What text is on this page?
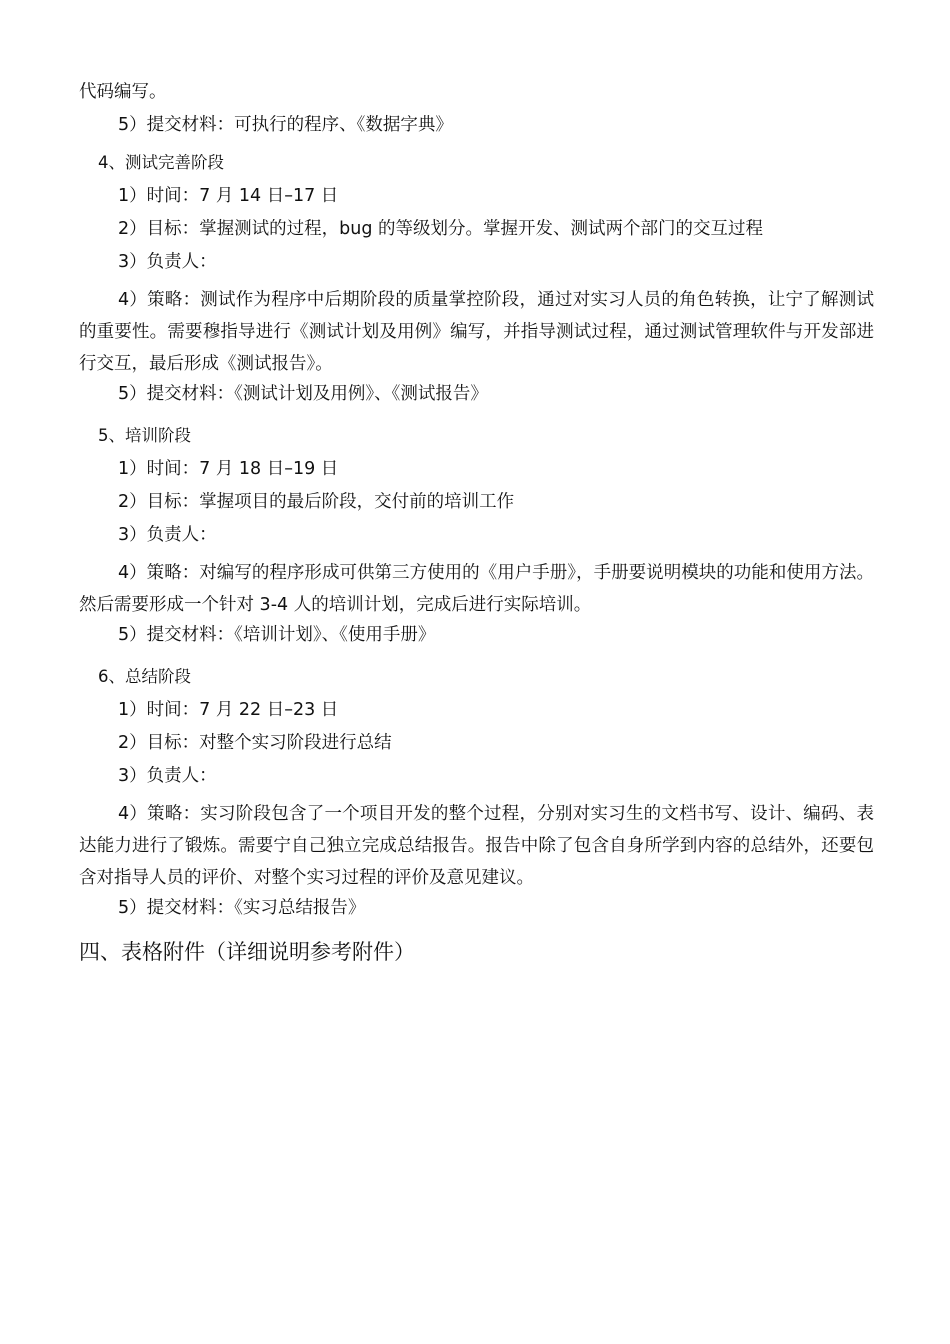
代码编写。
5）提交材料：可执行的程序、《数据字典》
4、测试完善阶段
1）时间：7 月 14 日–17 日
2）目标：掌握测试的过程，bug 的等级划分。掌握开发、测试两个部门的交互过程
3）负责人：
4）策略：测试作为程序中后期阶段的质量掌控阶段，通过对实习人员的角色转换，让宁了解测试的重要性。需要穆指导进行《测试计划及用例》编写，并指导测试过程，通过测试管理软件与开发部进行交互，最后形成《测试报告》。
5）提交材料：《测试计划及用例》、《测试报告》
5、培训阶段
1）时间：7 月 18 日–19 日
2）目标：掌握项目的最后阶段，交付前的培训工作
3）负责人：
4）策略：对编写的程序形成可供第三方使用的《用户手册》，手册要说明模块的功能和使用方法。然后需要形成一个针对 3-4 人的培训计划，完成后进行实际培训。
5）提交材料：《培训计划》、《使用手册》
6、总结阶段
1）时间：7 月 22 日–23 日
2）目标：对整个实习阶段进行总结
3）负责人：
4）策略：实习阶段包含了一个项目开发的整个过程，分别对实习生的文档书写、设计、编码、表达能力进行了锻炼。需要宁自己独立完成总结报告。报告中除了包含自身所学到内容的总结外，还要包含对指导人员的评价、对整个实习过程的评价及意见建议。
5）提交材料：《实习总结报告》
四、表格附件（详细说明参考附件）
